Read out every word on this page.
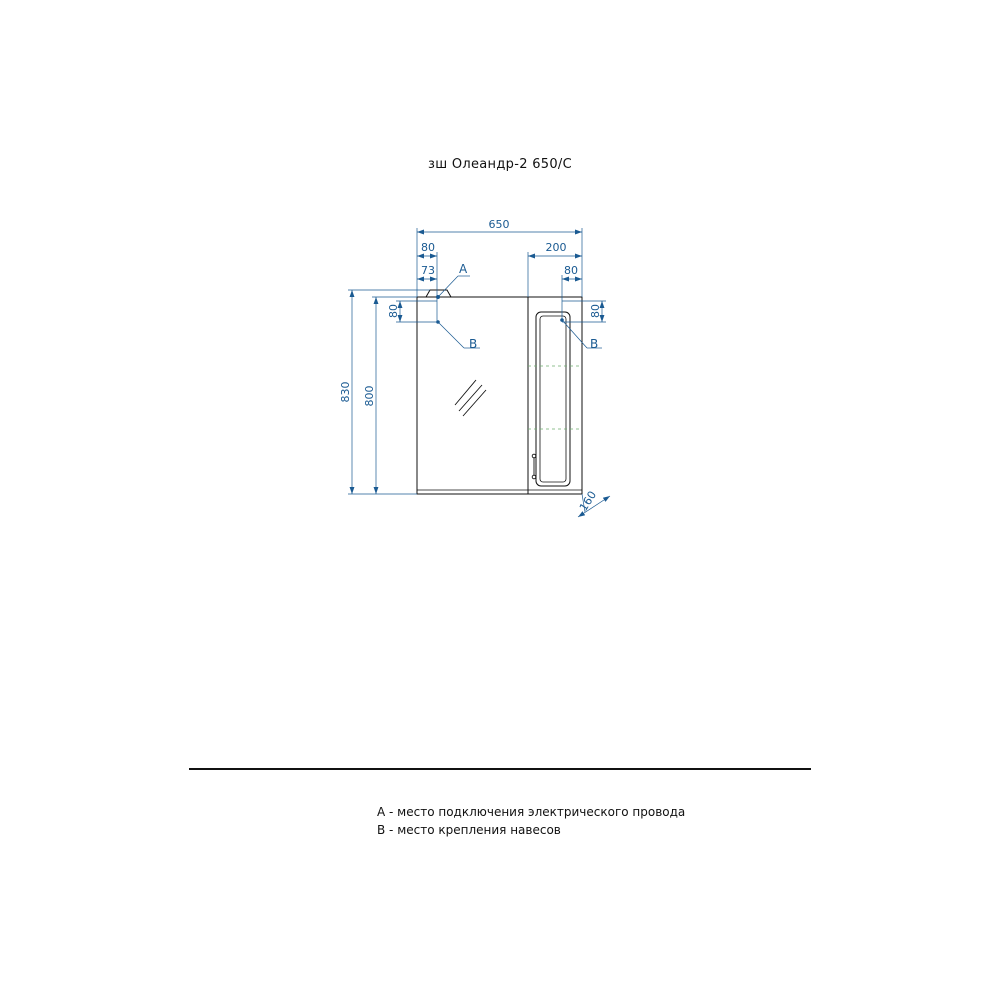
зш Олеандр-2 650/С
650
80
73
200
80
830 800
80	80
160
A
B	B
А - место подключения электрического провода
В - место крепления навесов
